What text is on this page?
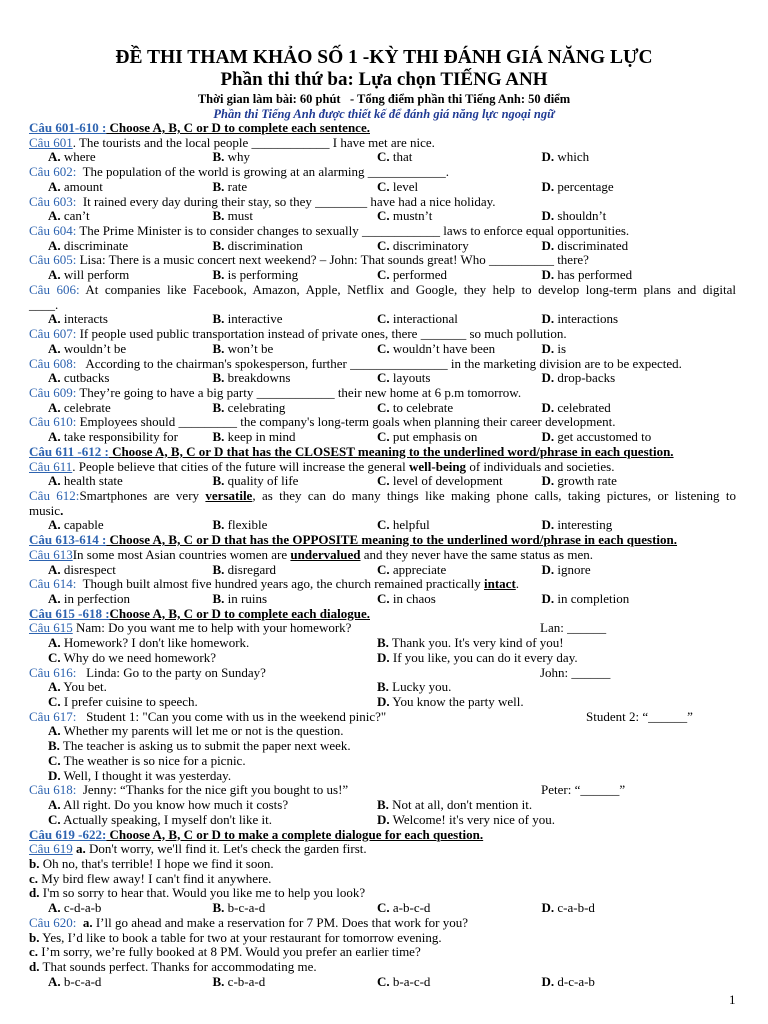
ĐỀ THI THAM KHẢO SỐ 1 -KỲ THI ĐÁNH GIÁ NĂNG LỰC
Phần thi thứ ba: Lựa chọn TIẾNG ANH
Thời gian làm bài: 60 phút   - Tổng điểm phần thi Tiếng Anh: 50 điểm
Phần thi Tiếng Anh được thiết kế để đánh giá năng lực ngoại ngữ
Câu 601-610 : Choose A, B, C or D to complete each sentence.
Câu 601. The tourists and the local people ____________ I have met are nice.
A. where	B. why	C. that	D. which
Câu 602:  The population of the world is growing at an alarming ____________.
A. amount	B. rate	C. level	D. percentage
Câu 603:  It rained every day during their stay, so they ________ have had a nice holiday.
A. can’t	B. must	C. mustn’t	D. shouldn’t
Câu 604: The Prime Minister is to consider changes to sexually ____________ laws to enforce equal opportunities.
A. discriminate	B. discrimination	C. discriminatory	D. discriminated
Câu 605: Lisa: There is a music concert next weekend? – John: That sounds great! Who __________ there?
A. will perform	B. is performing	C. performed	D. has performed
Câu 606: At companies like Facebook, Amazon, Apple, Netflix and Google, they help to develop long-term plans and digital
____.
A. interacts	B. interactive	C. interactional	D. interactions
Câu 607: If people used public transportation instead of private ones, there _______ so much pollution.
A. wouldn’t be	B. won’t be	C. wouldn’t have been	D. is
Câu 608:   According to the chairman's spokesperson, further _______________ in the marketing division are to be expected.
A. cutbacks	B. breakdowns	C. layouts	D. drop-backs
Câu 609: They’re going to have a big party ____________ their new home at 6 p.m tomorrow.
A. celebrate	B. celebrating	C. to celebrate	D. celebrated
Câu 610: Employees should _________ the company's long-term goals when planning their career development.
A. take responsibility for	B. keep in mind	C. put emphasis on	D. get accustomed to
Câu 611 -612 : Choose A, B, C or D that has the CLOSEST meaning to the underlined word/phrase in each question.
Câu 611. People believe that cities of the future will increase the general well-being of individuals and societies.
A. health state	B. quality of life	C. level of development	D. growth rate
Câu 612:Smartphones are very versatile, as they can do many things like making phone calls, taking pictures, or listening to
music.
A. capable	B. flexible	C. helpful	D. interesting
Câu 613-614 : Choose A, B, C or D that has the OPPOSITE meaning to the underlined word/phrase in each question.
Câu 613In some most Asian countries women are undervalued and they never have the same status as men.
A. disrespect	B. disregard	C. appreciate	D. ignore
Câu 614:  Though built almost five hundred years ago, the church remained practically intact.
A. in perfection	B. in ruins	C. in chaos	D. in completion
Câu 615 -618 :Choose A, B, C or D to complete each dialogue.
Câu 615 Nam: Do you want me to help with your homework?	Lan: ______
A. Homework? I don't like homework.	B. Thank you. It's very kind of you!
C. Why do we need homework?	D. If you like, you can do it every day.
Câu 616:   Linda: Go to the party on Sunday?	John: ______
A. You bet.	B. Lucky you.
C. I prefer cuisine to speech.	D. You know the party well.
Câu 617:   Student 1: "Can you come with us in the weekend pinic?"	Student 2: “______”
A. Whether my parents will let me or not is the question.
B. The teacher is asking us to submit the paper next week.
C. The weather is so nice for a picnic.
D. Well, I thought it was yesterday.
Câu 618:  Jenny: “Thanks for the nice gift you bought to us!”	Peter: “______”
A. All right. Do you know how much it costs?	B. Not at all, don't mention it.
C. Actually speaking, I myself don't like it.	D. Welcome! it's very nice of you.
Câu 619 -622: Choose A, B, C or D to make a complete dialogue for each question.
Câu 619 a. Don't worry, we'll find it. Let's check the garden first.
b. Oh no, that's terrible! I hope we find it soon.
c. My bird flew away! I can't find it anywhere.
d. I'm so sorry to hear that. Would you like me to help you look?
A. c-d-a-b	B. b-c-a-d	C. a-b-c-d	D. c-a-b-d
Câu 620:  a. I’ll go ahead and make a reservation for 7 PM. Does that work for you?
b. Yes, I’d like to book a table for two at your restaurant for tomorrow evening.
c. I’m sorry, we’re fully booked at 8 PM. Would you prefer an earlier time?
d. That sounds perfect. Thanks for accommodating me.
A. b-c-a-d	B. c-b-a-d	C. b-a-c-d	D. d-c-a-b
1
